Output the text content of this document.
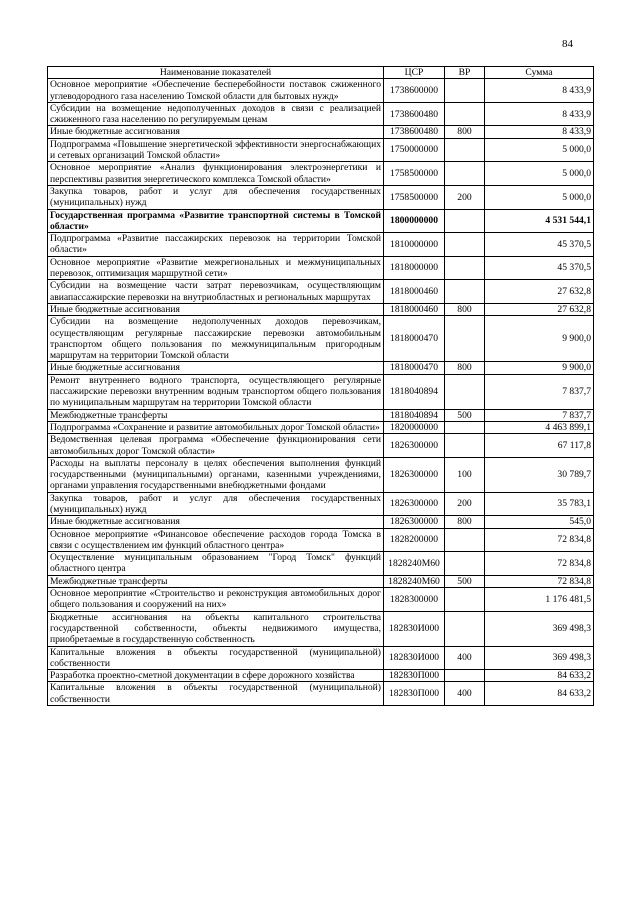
84
Наименование показателей	ЦСР	ВР	Сумма
Основное мероприятие «Обеспечение бесперебойности поставок сжиженного углеводородного газа населению Томской области для бытовых нужд»	1738600000		8 433,9
Субсидии на возмещение недополученных доходов в связи с реализацией сжиженного газа населению по регулируемым ценам	1738600480		8 433,9
Иные бюджетные ассигнования	1738600480	800	8 433,9
Подпрограмма «Повышение энергетической эффективности энергоснабжающих и сетевых организаций Томской области»	1750000000		5 000,0
Основное мероприятие «Анализ функционирования электроэнергетики и перспективы развития энергетического комплекса Томской области»	1758500000		5 000,0
Закупка товаров, работ и услуг для обеспечения государственных (муниципальных) нужд	1758500000	200	5 000,0
Государственная программа «Развитие транспортной системы в Томской области»	1800000000		4 531 544,1
Подпрограмма «Развитие пассажирских перевозок на территории Томской области»	1810000000		45 370,5
Основное мероприятие «Развитие межрегиональных и межмуниципальных перевозок, оптимизация маршрутной сети»	1818000000		45 370,5
Субсидии на возмещение части затрат перевозчикам, осуществляющим авиапассажирские перевозки на внутриобластных и региональных маршрутах	1818000460		27 632,8
Иные бюджетные ассигнования	1818000460	800	27 632,8
Субсидии на возмещение недополученных доходов перевозчикам, осуществляющим регулярные пассажирские перевозки автомобильным транспортом общего пользования по межмуниципальным пригородным маршрутам на территории Томской области	1818000470		9 900,0
Иные бюджетные ассигнования	1818000470	800	9 900,0
Ремонт внутреннего водного транспорта, осуществляющего регулярные пассажирские перевозки внутренним водным транспортом общего пользования по муниципальным маршрутам на территории Томской области	1818040894		7 837,7
Межбюджетные трансферты	1818040894	500	7 837,7
Подпрограмма «Сохранение и развитие автомобильных дорог Томской области»	1820000000		4 463 899,1
Ведомственная целевая программа «Обеспечение функционирования сети автомобильных дорог Томской области»	1826300000		67 117,8
Расходы на выплаты персоналу в целях обеспечения выполнения функций государственными (муниципальными) органами, казенными учреждениями, органами управления государственными внебюджетными фондами	1826300000	100	30 789,7
Закупка товаров, работ и услуг для обеспечения государственных (муниципальных) нужд	1826300000	200	35 783,1
Иные бюджетные ассигнования	1826300000	800	545,0
Основное мероприятие «Финансовое обеспечение расходов города Томска в связи с осуществлением им функций областного центра»	1828200000		72 834,8
Осуществление муниципальным образованием "Город Томск" функций областного центра	1828240М60		72 834,8
Межбюджетные трансферты	1828240М60	500	72 834,8
Основное мероприятие «Строительство и реконструкция автомобильных дорог общего пользования и сооружений на них»	1828300000		1 176 481,5
Бюджетные ассигнования на объекты капитального строительства государственной собственности, объекты недвижимого имущества, приобретаемые в государственную собственность	182830И000		369 498,3
Капитальные вложения в объекты государственной (муниципальной) собственности	182830И000	400	369 498,3
Разработка проектно-сметной документации в сфере дорожного хозяйства	182830П000		84 633,2
Капитальные вложения в объекты государственной (муниципальной) собственности	182830П000	400	84 633,2
